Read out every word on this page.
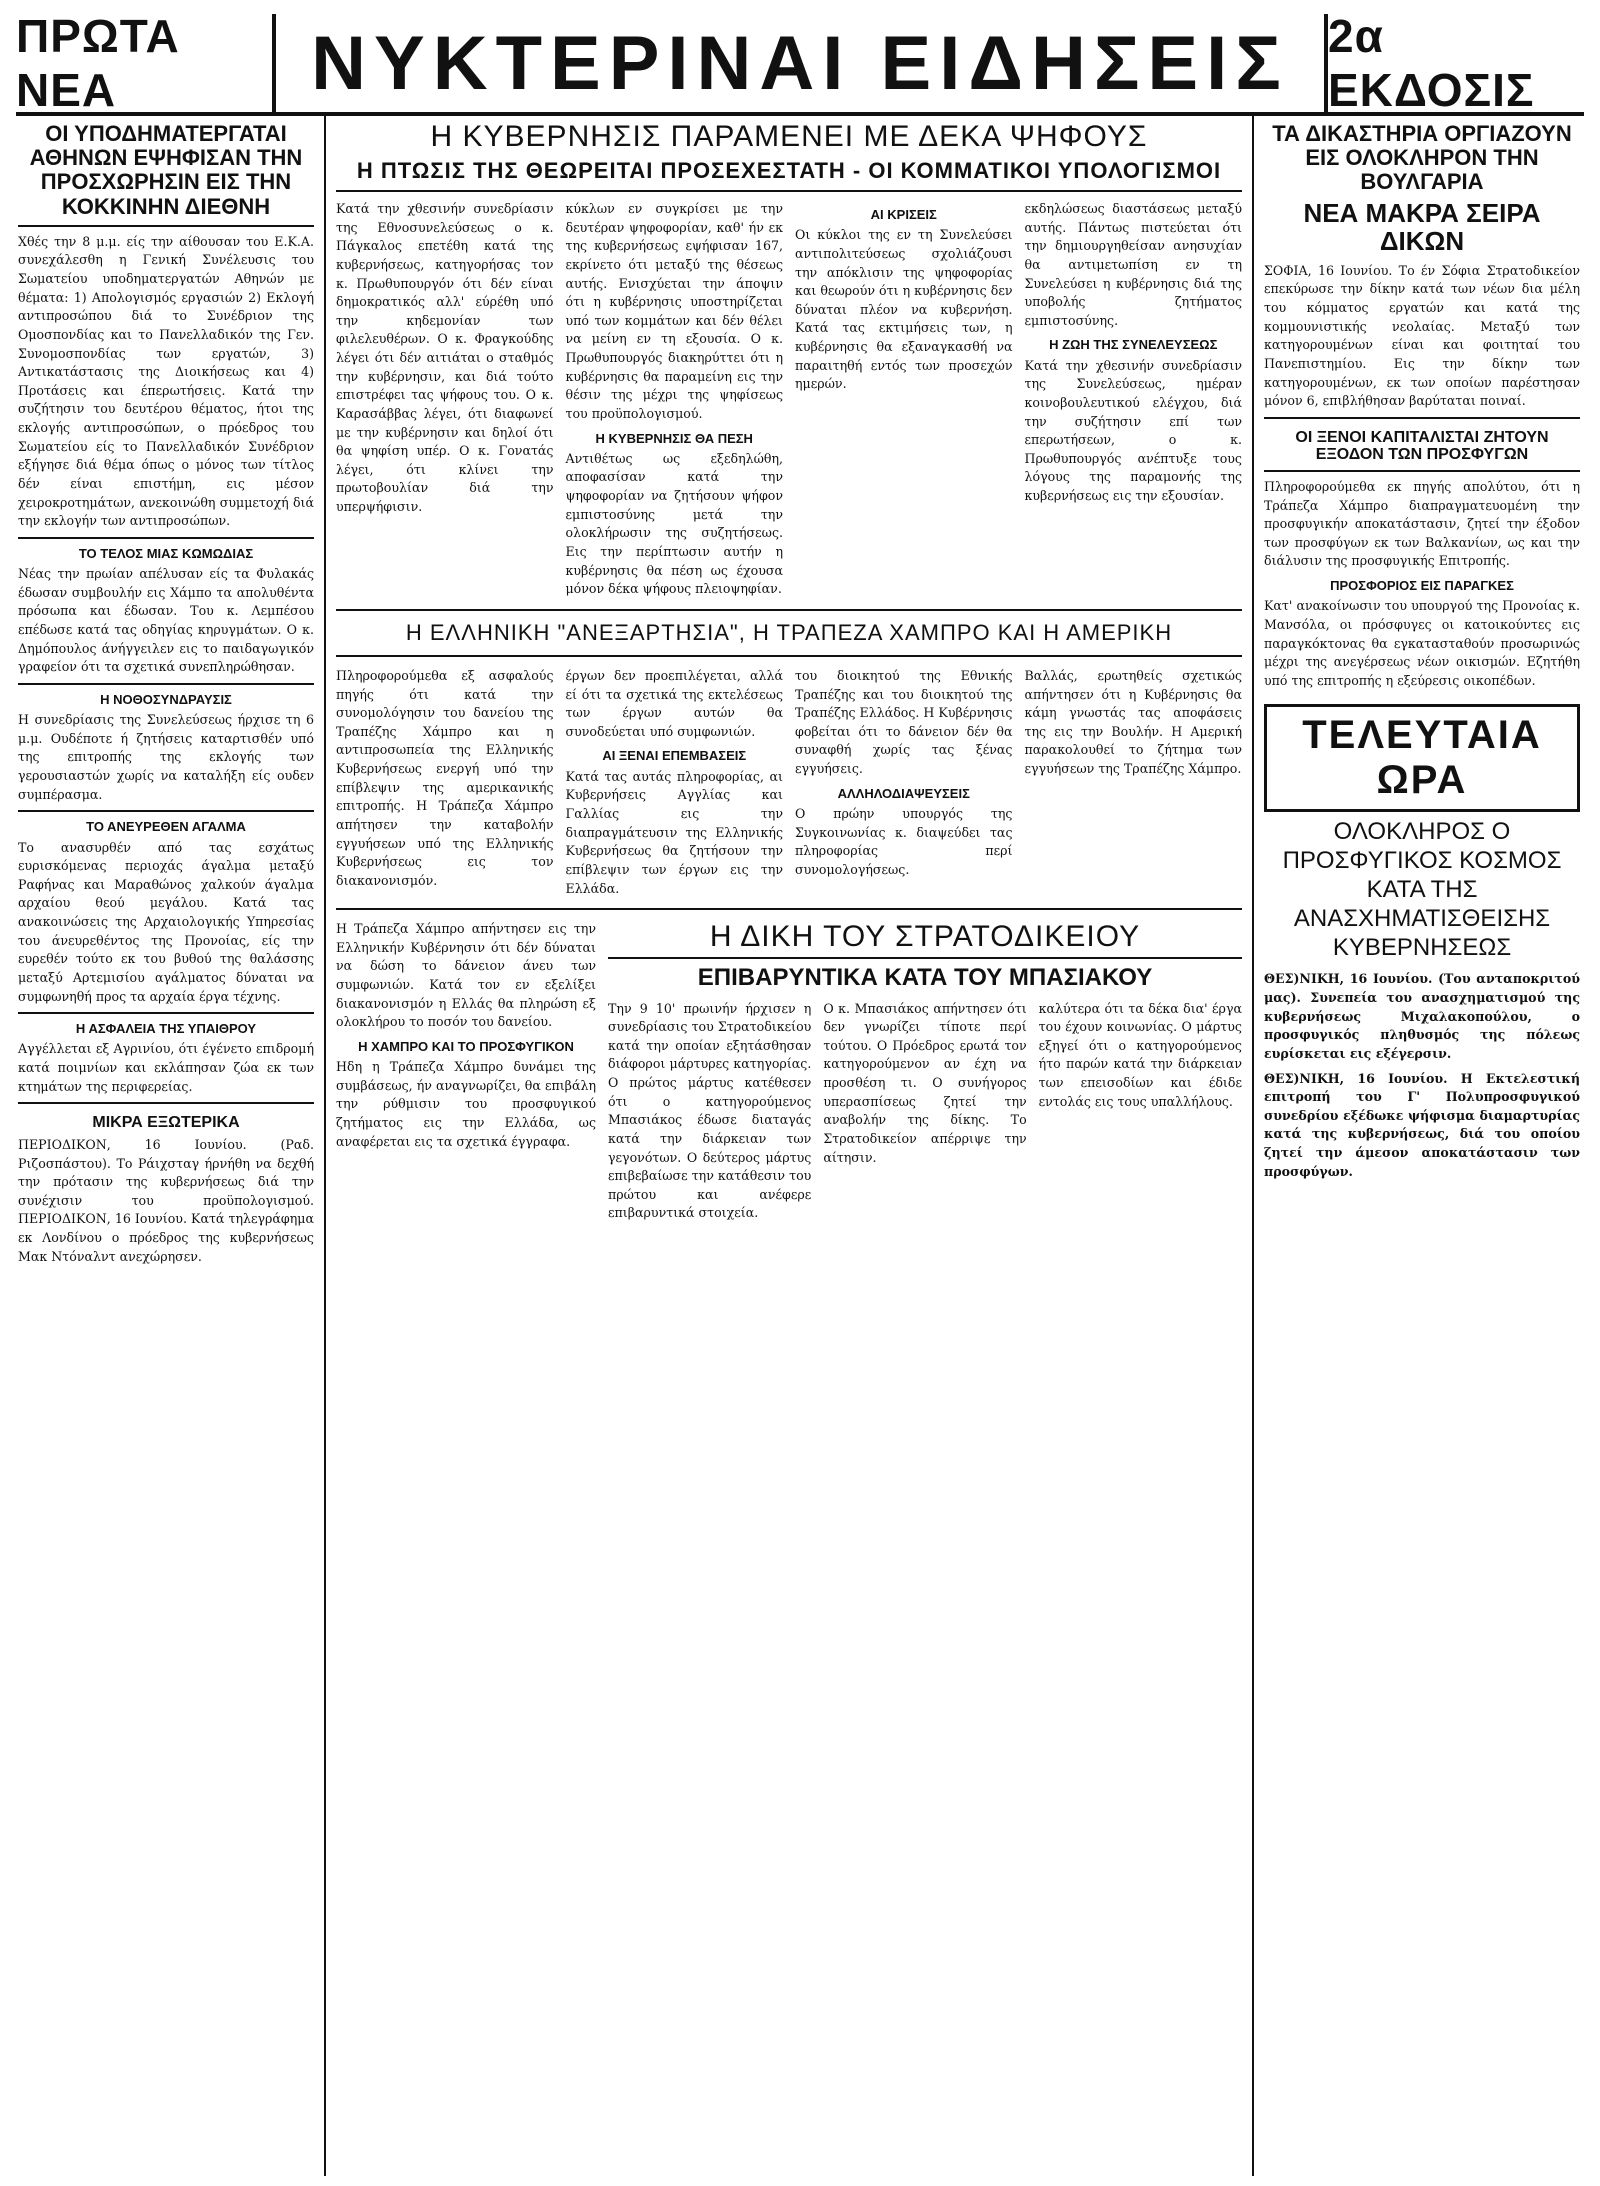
ΠΡΩΤΑ ΝΕΑ	ΝΥΚΤΕΡΙΝΑΙ ΕΙΔΗΣΕΙΣ 2α ΕΚΔΟΣΙΣ
ΟΙ ΥΠΟΔΗΜΑΤΕΡΓΑΤΑΙ ΑΘΗΝΩΝ ΕΨΗΦΙΣΑΝ ΤΗΝ ΠΡΟΣΧΩΡΗΣΙΝ ΕΙΣ ΤΗΝ ΚΟΚΚΙΝΗΝ ΔΙΕΘΝΗ

Χθές την 8 μ.μ. είς την αίθουσαν του Ε.Κ.Α. συνεχάλεσθη η Γενική Συνέλευσις του Σωματείου υποδηματεργατών Αθηνών με θέματα: 1) Απολογισμός εργασιών 2) Εκλογή αντιπροσώπου διά το Συνέδριον της Ομοσπονδίας και το Πανελλαδικόν της Γεν. Συνομοσπονδίας των εργατών, 3) Αντικατάστασις της Διοικήσεως και 4) Προτάσεις και έπερωτήσεις. Κατά την συζήτησιν του δευτέρου θέματος, ήτοι της εκλογής αντιπροσώπων, ο πρόεδρος του Σωματείου είς το Πανελλαδικόν Συνέδριον εξήγησε διά θέμα όπως ο μόνος των τίτλος δέν είναι επιστήμη, εις μέσον χειροκροτημάτων, ανεκοινώθη συμμετοχή διά την εκλογήν των αντιπροσώπων.

ΤΟ ΤΕΛΟΣ ΜΙΑΣ ΚΩΜΩΔΙΑΣ

Νέας την πρωίαν απέλυσαν είς τα Φυλακάς έδωσαν συμβουλήν εις Χάμπο τα απολυθέντα πρόσωπα και έδωσαν. Του κ. Λεμπέσου επέδωσε κατά τας οδηγίας κηρυγμάτων. Ο κ. Δημόπουλος άνήγγειλεν εις το παιδαγωγικόν γραφείον ότι τα σχετικά συνεπληρώθησαν.

Η ΝΟΘΟΣΥΝΔΡΑΥΣΙΣ

Η συνεδρίασις της Συνελεύσεως ήρχισε τη 6 μ.μ. Ουδέποτε ή ζητήσεις καταρτισθέν υπό της επιτροπής της εκλογής των γερουσιαστών χωρίς να καταλήξη είς ουδεν συμπέρασμα.

ΤΟ ΑΝΕΥΡΕΘΕΝ ΑΓΑΛΜΑ

Το ανασυρθέν από τας εσχάτως ευρισκόμενας περιοχάς άγαλμα μεταξύ Ραφήνας και Μαραθώνος χαλκούν άγαλμα αρχαίου θεού μεγάλου. Κατά τας ανακοινώσεις της Αρχαιολογικής Υπηρεσίας του άνευρεθέντος της Προνοίας, είς την ευρεθέν τούτο εκ του βυθού της θαλάσσης μεταξύ Αρτεμισίου αγάλματος δύναται να συμφωνηθή προς τα αρχαία έργα τέχνης.

Η ΑΣΦΑΛΕΙΑ ΤΗΣ ΥΠΑΙΘΡΟΥ

Αγγέλλεται εξ Αγρινίου, ότι έγένετο επιδρομή κατά ποιμνίων και εκλάπησαν ζώα εκ των κτημάτων της περιφερείας.

ΜΙΚΡΑ ΕΞΩΤΕΡΙΚΑ

ΠΕΡΙΟΔΙΚΟΝ, 16 Ιουνίου. (Ραδ. Ριζοσπάστου). Το Ράιχσταγ ήρνήθη να δεχθή την πρότασιν της κυβερνήσεως διά την συνέχισιν του προϋπολογισμού. ΠΕΡΙΟΔΙΚΟΝ, 16 Ιουνίου. Κατά τηλεγράφημα εκ Λονδίνου ο πρόεδρος της κυβερνήσεως Μακ Ντόναλντ ανεχώρησεν.

Η ΚΥΒΕΡΝΗΣΙΣ ΠΑΡΑΜΕΝΕΙ ΜΕ ΔΕΚΑ ΨΗΦΟΥΣ
Η ΠΤΩΣΙΣ ΤΗΣ ΘΕΩΡΕΙΤΑΙ ΠΡΟΣΕΧΕΣΤΑΤΗ - ΟΙ ΚΟΜΜΑΤΙΚΟΙ ΥΠΟΛΟΓΙΣΜΟΙ

Κατά την χθεσινήν συνεδρίασιν της Εθνοσυνελεύσεως ο κ. Πάγκαλος επετέθη κατά της κυβερνήσεως, κατηγορήσας τον κ. Πρωθυπουργόν ότι δέν είναι δημοκρατικός αλλ' εύρέθη υπό την κηδεμονίαν των φιλελευθέρων. Ο κ. Φραγκούδης λέγει ότι δέν αιτιάται ο σταθμός την κυβέρνησιν, και διά τούτο επιστρέφει τας ψήφους του. Ο κ. Καρασάββας λέγει, ότι διαφωνεί με την κυβέρνησιν και δηλοί ότι θα ψηφίση υπέρ. Ο κ. Γονατάς λέγει, ότι κλίνει την πρωτοβουλίαν διά την υπερψήφισιν.

κύκλων εν συγκρίσει με την δευτέραν ψηφοφορίαν, καθ' ήν εκ της κυβερνήσεως εψήφισαν 167, εκρίνετο ότι μεταξύ της θέσεως αυτής. Ενισχύεται την άποψιν ότι η κυβέρνησις υποστηρίζεται υπό των κομμάτων και δέν θέλει να μείνη εν τη εξουσία. Ο κ. Πρωθυπουργός διακηρύττει ότι η κυβέρνησις θα παραμείνη εις την θέσιν της μέχρι της ψηφίσεως του προϋπολογισμού.

Η ΚΥΒΕΡΝΗΣΙΣ ΘΑ ΠΕΣΗ

Αντιθέτως ως εξεδηλώθη, αποφασίσαν κατά την ψηφοφορίαν να ζητήσουν ψήφον εμπιστοσύνης μετά την ολοκλήρωσιν της συζητήσεως. Εις την περίπτωσιν αυτήν η κυβέρνησις θα πέση ως έχουσα μόνον δέκα ψήφους πλειοψηφίαν.

ΑΙ ΚΡΙΣΕΙΣ

Οι κύκλοι της εν τη Συνελεύσει αντιπολιτεύσεως σχολιάζουσι την απόκλισιν της ψηφοφορίας και θεωρούν ότι η κυβέρνησις δεν δύναται πλέον να κυβερνήση. Κατά τας εκτιμήσεις των, η κυβέρνησις θα εξαναγκασθή να παραιτηθή εντός των προσεχών ημερών.

εκδηλώσεως διαστάσεως μεταξύ αυτής. Πάντως πιστεύεται ότι την δημιουργηθείσαν ανησυχίαν θα αντιμετωπίση εν τη Συνελεύσει η κυβέρνησις διά της υποβολής ζητήματος εμπιστοσύνης.

Η ΖΩΗ ΤΗΣ ΣΥΝΕΛΕΥΣΕΩΣ

Κατά την χθεσινήν συνεδρίασιν της Συνελεύσεως, ημέραν κοινοβουλευτικού ελέγχου, διά την συζήτησιν επί των επερωτήσεων, ο κ. Πρωθυπουργός ανέπτυξε τους λόγους της παραμονής της κυβερνήσεως εις την εξουσίαν.

Η ΕΛΛΗΝΙΚΗ "ΑΝΕΞΑΡΤΗΣΙΑ", Η ΤΡΑΠΕΖΑ ΧΑΜΠΡΟ ΚΑΙ Η ΑΜΕΡΙΚΗ

Πληροφορούμεθα εξ ασφαλούς πηγής ότι κατά την συνομολόγησιν του δανείου της Τραπέζης Χάμπρο και η αντιπροσωπεία της Ελληνικής Κυβερνήσεως ενεργή υπό την επίβλεψιν της αμερικανικής επιτροπής. Η Τράπεζα Χάμπρο απήτησεν την καταβολήν εγγυήσεων υπό της Ελληνικής Κυβερνήσεως εις τον διακανονισμόν.

έργων δεν προεπιλέγεται, αλλά εί ότι τα σχετικά της εκτελέσεως των έργων αυτών θα συνοδεύεται υπό συμφωνιών.

ΑΙ ΞΕΝΑΙ ΕΠΕΜΒΑΣΕΙΣ

Κατά τας αυτάς πληροφορίας, αι Κυβερνήσεις Αγγλίας και Γαλλίας εις την διαπραγμάτευσιν της Ελληνικής Κυβερνήσεως θα ζητήσουν την επίβλεψιν των έργων εις την Ελλάδα.

του διοικητού της Εθνικής Τραπέζης και του διοικητού της Τραπέζης Ελλάδος. Η Κυβέρνησις φοβείται ότι το δάνειον δέν θα συναφθή χωρίς τας ξένας εγγυήσεις.

ΑΛΛΗΛΟΔΙΑΨΕΥΣΕΙΣ

Ο πρώην υπουργός της Συγκοινωνίας κ. διαψεύδει τας πληροφορίας περί συνομολογήσεως.

Βαλλάς, ερωτηθείς σχετικώς απήντησεν ότι η Κυβέρνησις θα κάμη γνωστάς τας αποφάσεις της εις την Βουλήν. Η Αμερική παρακολουθεί το ζήτημα των εγγυήσεων της Τραπέζης Χάμπρο.

Η Τράπεζα Χάμπρο απήντησεν εις την Ελληνικήν Κυβέρνησιν ότι δέν δύναται να δώση το δάνειον άνευ των συμφωνιών. Κατά τον εν εξελίξει διακανονισμόν η Ελλάς θα πληρώση εξ ολοκλήρου το ποσόν του δανείου.

Η ΧΑΜΠΡΟ ΚΑΙ ΤΟ ΠΡΟΣΦΥΓΙΚΟΝ

Ηδη η Τράπεζα Χάμπρο δυνάμει της συμβάσεως, ήν αναγνωρίζει, θα επιβάλη την ρύθμισιν του προσφυγικού ζητήματος εις την Ελλάδα, ως αναφέρεται εις τα σχετικά έγγραφα.

Η ΔΙΚΗ ΤΟΥ ΣΤΡΑΤΟΔΙΚΕΙΟΥ
ΕΠΙΒΑΡΥΝΤΙΚΑ ΚΑΤΑ ΤΟΥ ΜΠΑΣΙΑΚΟΥ

Την 9 10' πρωινήν ήρχισεν η συνεδρίασις του Στρατοδικείου κατά την οποίαν εξητάσθησαν διάφοροι μάρτυρες κατηγορίας. Ο πρώτος μάρτυς κατέθεσεν ότι ο κατηγορούμενος Μπασιάκος έδωσε διαταγάς κατά την διάρκειαν των γεγονότων. Ο δεύτερος μάρτυς επιβεβαίωσε την κατάθεσιν του πρώτου και ανέφερε επιβαρυντικά στοιχεία.

Ο κ. Μπασιάκος απήντησεν ότι δεν γνωρίζει τίποτε περί τούτου. Ο Πρόεδρος ερωτά τον κατηγορούμενον αν έχη να προσθέση τι. Ο συνήγορος υπερασπίσεως ζητεί την αναβολήν της δίκης. Το Στρατοδικείον απέρριψε την αίτησιν.

καλύτερα ότι τα δέκα δια' έργα του έχουν κοινωνίας. Ο μάρτυς εξηγεί ότι ο κατηγορούμενος ήτο παρών κατά την διάρκειαν των επεισοδίων και έδιδε εντολάς εις τους υπαλλήλους.

ΤΑ ΔΙΚΑΣΤΗΡΙΑ ΟΡΓΙΑΖΟΥΝ ΕΙΣ ΟΛΟΚΛΗΡΟΝ ΤΗΝ ΒΟΥΛΓΑΡΙΑ
ΝΕΑ ΜΑΚΡΑ ΣΕΙΡΑ ΔΙΚΩΝ

ΣΟΦΙΑ, 16 Ιουνίου. Το έν Σόφια Στρατοδικείον επεκύρωσε την δίκην κατά των νέων δια μέλη του κόμματος εργατών και κατά της κομμουνιστικής νεολαίας. Μεταξύ των κατηγορουμένων είναι και φοιτηταί του Πανεπιστημίου. Εις την δίκην των κατηγορουμένων, εκ των οποίων παρέστησαν μόνον 6, επιβλήθησαν βαρύταται ποιναί.

ΟΙ ΞΕΝΟΙ ΚΑΠΙΤΑΛΙΣΤΑΙ ΖΗΤΟΥΝ ΕΞΟΔΟΝ ΤΩΝ ΠΡΟΣΦΥΓΩΝ

Πληροφορούμεθα εκ πηγής απολύτου, ότι η Τράπεζα Χάμπρο διαπραγματευομένη την προσφυγικήν αποκατάστασιν, ζητεί την έξοδον των προσφύγων εκ των Βαλκανίων, ως και την διάλυσιν της προσφυγικής Επιτροπής.

ΠΡΟΣΦΟΡΙΟΣ ΕΙΣ ΠΑΡΑΓΚΕΣ

Κατ' ανακοίνωσιν του υπουργού της Προνοίας κ. Μανσόλα, οι πρόσφυγες οι κατοικούντες εις παραγκόκτονας θα εγκατασταθούν προσωρινώς μέχρι της ανεγέρσεως νέων οικισμών. Εζητήθη υπό της επιτροπής η εξεύρεσις οικοπέδων.

ΤΕΛΕΥΤΑΙΑ ΩΡΑ
ΟΛΟΚΛΗΡΟΣ Ο ΠΡΟΣΦΥΓΙΚΟΣ ΚΟΣΜΟΣ ΚΑΤΑ ΤΗΣ ΑΝΑΣΧΗΜΑΤΙΣΘΕΙΣΗΣ ΚΥΒΕΡΝΗΣΕΩΣ

ΘΕΣ)ΝΙΚΗ, 16 Ιουνίου. (Του ανταποκριτού μας). Συνεπεία του ανασχηματισμού της κυβερνήσεως Μιχαλακοπούλου, ο προσφυγικός πληθυσμός της πόλεως ευρίσκεται εις εξέγερσιν.

ΘΕΣ)ΝΙΚΗ, 16 Ιουνίου. Η Εκτελεστική επιτροπή του Γ' Πολυπροσφυγικού συνεδρίου εξέδωκε ψήφισμα διαμαρτυρίας κατά της κυβερνήσεως, διά του οποίου ζητεί την άμεσον αποκατάστασιν των προσφύγων.
